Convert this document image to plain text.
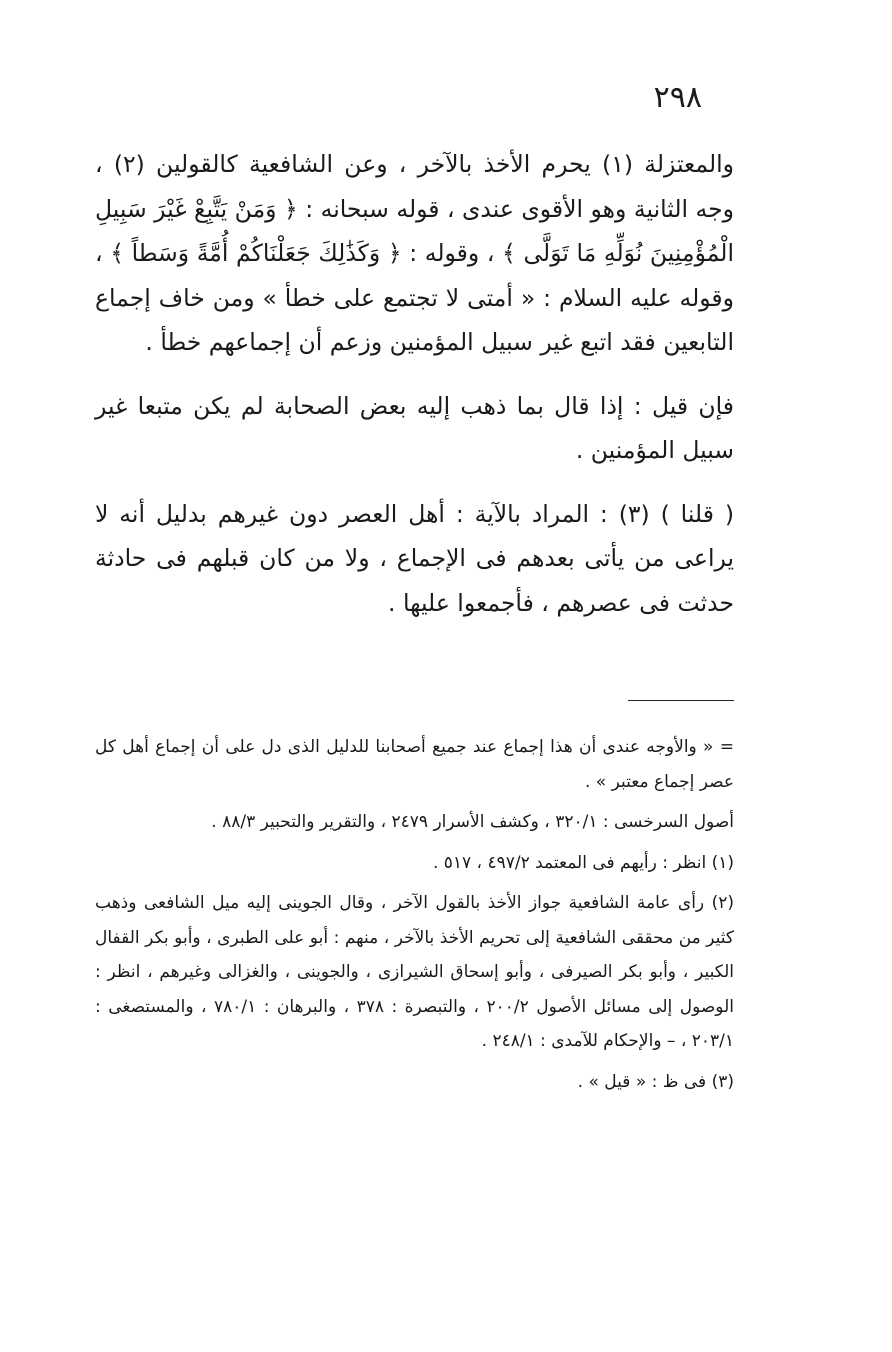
٢٩٨

والمعتزلة (١) يحرم الأخذ بالآخر ، وعن الشافعية كالقولين (٢) ، وجه الثانية وهو الأقوى عندى ، قوله سبحانه : ﴿ وَمَنْ يَتَّبِعْ غَيْرَ سَبِيلِ الْمُؤْمِنِينَ نُوَلِّهِ مَا تَوَلَّى ﴾ ، وقوله : ﴿ وَكَذَٰلِكَ جَعَلْنَاكُمْ أُمَّةً وَسَطاً ﴾ ، وقوله عليه السلام : « أمتى لا تجتمع على خطأ » ومن خاف إجماع التابعين فقد اتبع غير سبيل المؤمنين وزعم أن إجماعهم خطأ .

فإن قيل : إذا قال بما ذهب إليه بعض الصحابة لم يكن متبعا غير سبيل المؤمنين .

( قلنا ) (٣) : المراد بالآية : أهل العصر دون غيرهم بدليل أنه لا يراعى من يأتى بعدهم فى الإجماع ، ولا من كان قبلهم فى حادثة حدثت فى عصرهم ، فأجمعوا عليها .

= « والأوجه عندى أن هذا إجماع عند جميع أصحابنا للدليل الذى دل على أن إجماع أهل كل عصر إجماع معتبر » .

أصول السرخسى : ٣٢٠/١ ، وكشف الأسرار ٢٤٧٩ ، والتقرير والتحبير ٨٨/٣ .

(١) انظر : رأيهم فى المعتمد ٤٩٧/٢ ، ٥١٧ .

(٢) رأى عامة الشافعية جواز الأخذ بالقول الآخر ، وقال الجوينى إليه ميل الشافعى وذهب كثير من محققى الشافعية إلى تحريم الأخذ بالآخر ، منهم : أبو على الطبرى ، وأبو بكر القفال الكبير ، وأبو بكر الصيرفى ، وأبو إسحاق الشيرازى ، والجوينى ، والغزالى وغيرهم ، انظر : الوصول إلى مسائل الأصول ٢٠٠/٢ ، والتبصرة : ٣٧٨ ، والبرهان : ٧٨٠/١ ، والمستصغى : ٢٠٣/١ ، – والإحكام للآمدى : ٢٤٨/١ .

(٣) فى ظ : « قيل » .
